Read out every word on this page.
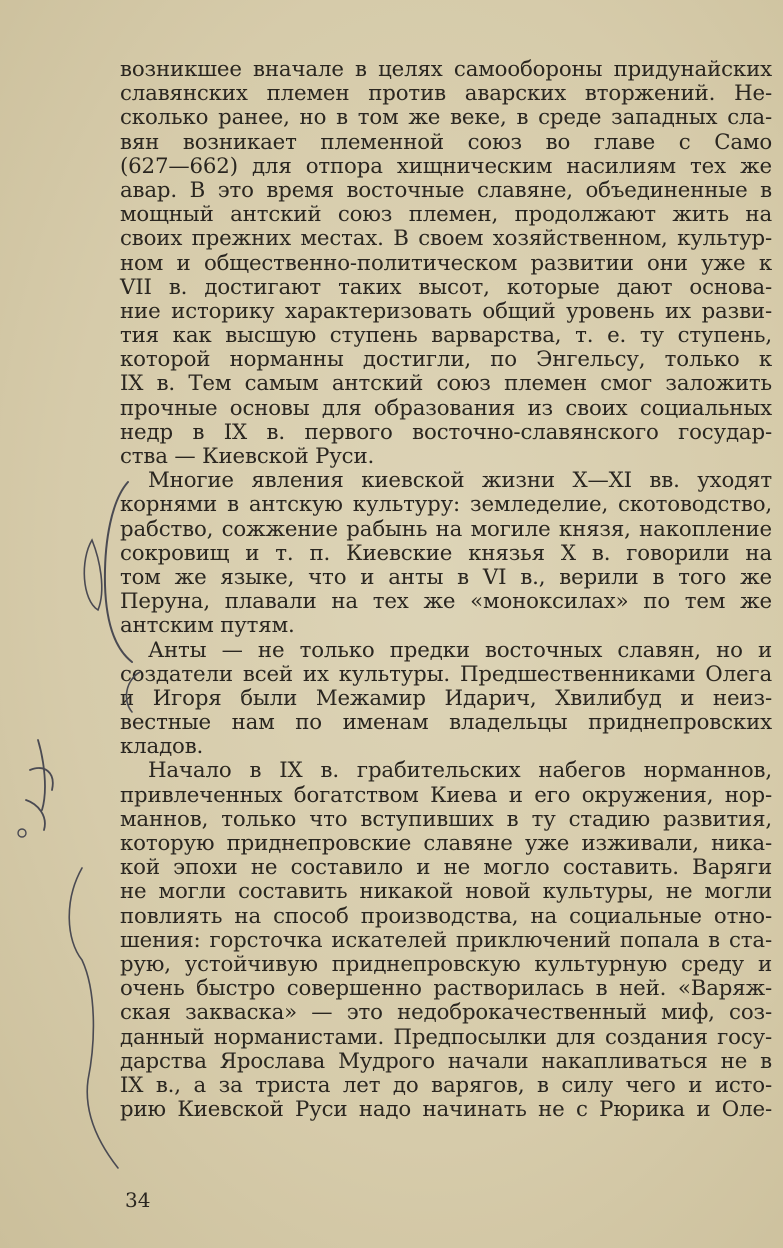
возникшее вначале в целях самообороны придунайских
славянских племен против аварских вторжений. Не-
сколько ранее, но в том же веке, в среде западных сла-
вян возникает племенной союз во главе с Само
(627—662) для отпора хищническим насилиям тех же
авар. В это время восточные славяне, объединенные в
мощный антский союз племен, продолжают жить на
своих прежних местах. В своем хозяйственном, культур-
ном и общественно-политическом развитии они уже к
VII в. достигают таких высот, которые дают основа-
ние историку характеризовать общий уровень их разви-
тия как высшую ступень варварства, т. е. ту ступень,
которой норманны достигли, по Энгельсу, только к
IX в. Тем самым антский союз племен смог заложить
прочные основы для образования из своих социальных
недр в IX в. первого восточно-славянского государ-
ства — Киевской Руси.
Многие явления киевской жизни X—XI вв. уходят
корнями в антскую культуру: земледелие, скотоводство,
рабство, сожжение рабынь на могиле князя, накопление
сокровищ и т. п. Киевские князья X в. говорили на
том же языке, что и анты в VI в., верили в того же
Перуна, плавали на тех же «моноксилах» по тем же
антским путям.
Анты — не только предки восточных славян, но и
создатели всей их культуры. Предшественниками Олега
и Игоря были Межамир Идарич, Хвилибуд и неиз-
вестные нам по именам владельцы приднепровских
кладов.
Начало в IX в. грабительских набегов норманнов,
привлеченных богатством Киева и его окружения, нор-
маннов, только что вступивших в ту стадию развития,
которую приднепровские славяне уже изживали, ника-
кой эпохи не составило и не могло составить. Варяги
не могли составить никакой новой культуры, не могли
повлиять на способ производства, на социальные отно-
шения: горсточка искателей приключений попала в ста-
рую, устойчивую приднепровскую культурную среду и
очень быстро совершенно растворилась в ней. «Варяж-
ская закваска» — это недоброкачественный миф, соз-
данный норманистами. Предпосылки для создания госу-
дарства Ярослава Мудрого начали накапливаться не в
IX в., а за триста лет до варягов, в силу чего и исто-
рию Киевской Руси надо начинать не с Рюрика и Оле-
34
